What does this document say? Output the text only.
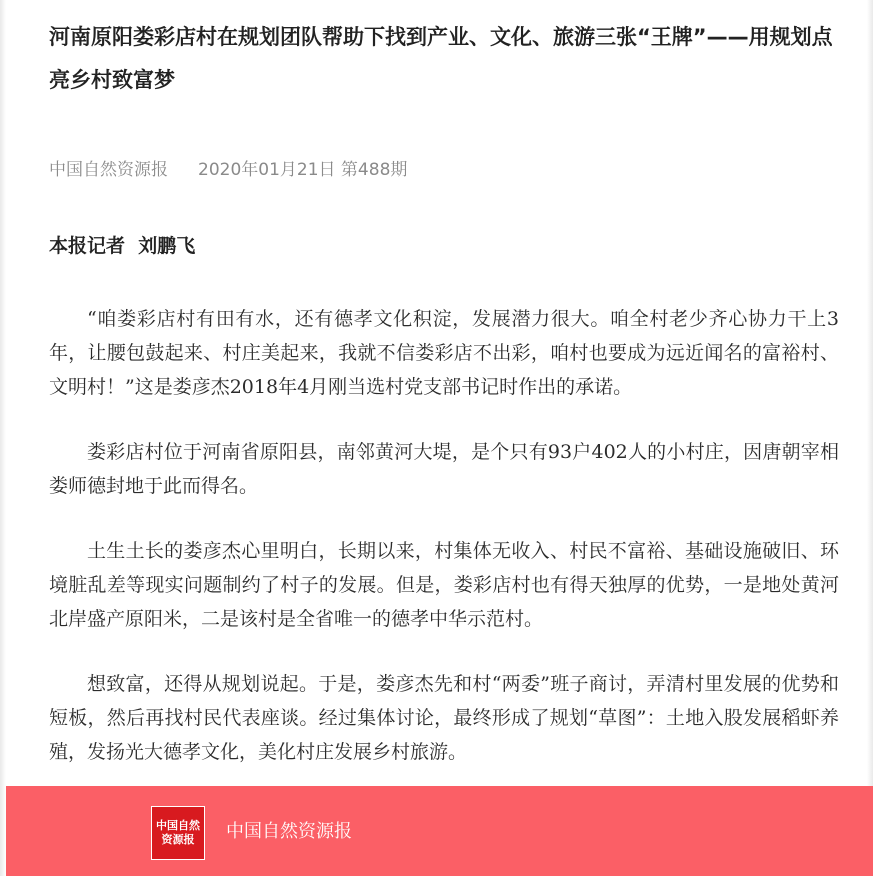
河南原阳娄彩店村在规划团队帮助下找到产业、文化、旅游三张“王牌”——用规划点亮乡村致富梦
中国自然资源报 2020年01月21日 第488期
本报记者  刘鹏飞

“咱娄彩店村有田有水，还有德孝文化积淀，发展潜力很大。咱全村老少齐心协力干上3年，让腰包鼓起来、村庄美起来，我就不信娄彩店不出彩，咱村也要成为远近闻名的富裕村、文明村！”这是娄彦杰2018年4月刚当选村党支部书记时作出的承诺。

娄彩店村位于河南省原阳县，南邻黄河大堤，是个只有93户402人的小村庄，因唐朝宰相娄师德封地于此而得名。

土生土长的娄彦杰心里明白，长期以来，村集体无收入、村民不富裕、基础设施破旧、环境脏乱差等现实问题制约了村子的发展。但是，娄彩店村也有得天独厚的优势，一是地处黄河北岸盛产原阳米，二是该村是全省唯一的德孝中华示范村。

想致富，还得从规划说起。于是，娄彦杰先和村“两委”班子商讨，弄清村里发展的优势和短板，然后再找村民代表座谈。经过集体讨论，最终形成了规划“草图”：土地入股发展稻虾养殖，发扬光大德孝文化，美化村庄发展乡村旅游。

中国自然
资源报 中国自然资源报
